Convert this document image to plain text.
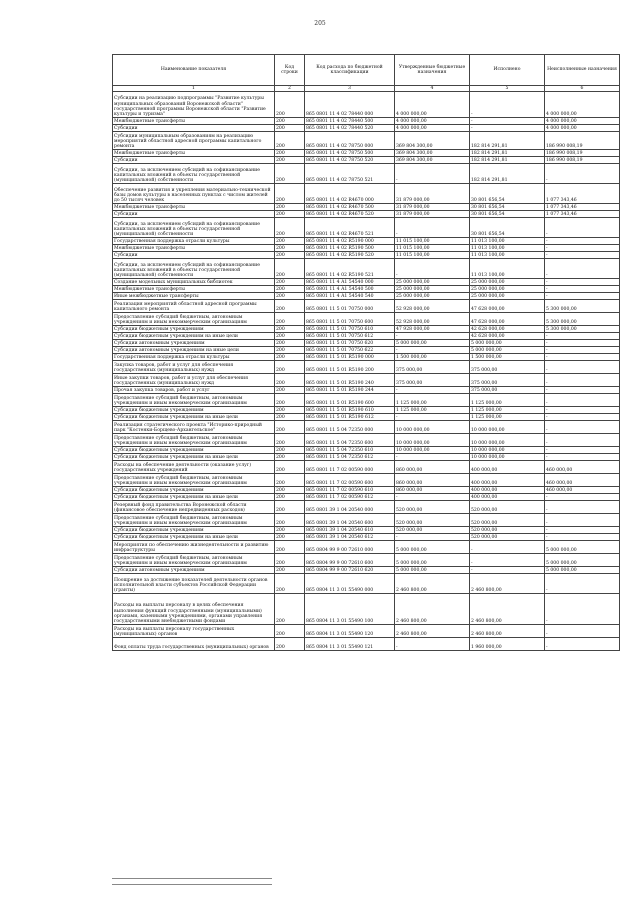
205
Наименование показателя	Код строки	Код расхода по бюджетной классификации	Утвержденные бюджетные назначения	Исполнено	Неисполненные назначения
1	2	3	4	5	6
Субсидии на реализацию подпрограммы "Развитие культуры муниципальных образований Воронежской области" государственной программы Воронежской области "Развитие культуры и туризма"	200	865 0801 11 4 02 78440 000	4 000 000,00	-	4 000 000,00
Межбюджетные трансферты	200	865 0801 11 4 02 78440 500	4 000 000,00	-	4 000 000,00
Субсидии	200	865 0801 11 4 02 78440 520	4 000 000,00	-	4 000 000,00
Субсидии муниципальным образованиям на реализацию мероприятий областной адресной программы капитального ремонта	200	865 0801 11 4 02 78750 000	369 804 300,00	182 814 291,81	186 990 008,19
Межбюджетные трансферты	200	865 0801 11 4 02 78750 500	369 804 300,00	182 814 291,81	186 990 008,19
Субсидии	200	865 0801 11 4 02 78750 520	369 804 300,00	182 814 291,81	186 990 008,19
Субсидии, за исключением субсидий на софинансирование капитальных вложений в объекты государственной (муниципальной) собственности	200	865 0801 11 4 02 78750 521	-	182 814 291,81	-
Обеспечение развития и укрепления материально-технической базы домов культуры в населенных пунктах с числом жителей до 50 тысяч человек	200	865 0801 11 4 02 R4670 000	31 879 000,00	30 801 656,54	1 077 343,46
Межбюджетные трансферты	200	865 0801 11 4 02 R4670 500	31 879 000,00	30 801 656,54	1 077 343,46
Субсидии	200	865 0801 11 4 02 R4670 520	31 879 000,00	30 801 656,54	1 077 343,46
Субсидии, за исключением субсидий на софинансирование капитальных вложений в объекты государственной (муниципальной) собственности	200	865 0801 11 4 02 R4670 521	-	30 801 656,54	-
Государственная поддержка отрасли культуры	200	865 0801 11 4 02 R5190 000	11 015 100,00	11 013 100,00	-
Межбюджетные трансферты	200	865 0801 11 4 02 R5190 500	11 015 100,00	11 013 100,00	-
Субсидии	200	865 0801 11 4 02 R5190 520	11 015 100,00	11 013 100,00	-
Субсидии, за исключением субсидий на софинансирование капитальных вложений в объекты государственной (муниципальной) собственности	200	865 0801 11 4 02 R5190 521	-	11 013 100,00	-
Создание модельных муниципальных библиотек	200	865 0801 11 4 A1 54540 000	25 000 000,00	25 000 000,00	-
Межбюджетные трансферты	200	865 0801 11 4 A1 54540 500	25 000 000,00	25 000 000,00	-
Иные межбюджетные трансферты	200	865 0801 11 4 A1 54540 540	25 000 000,00	25 000 000,00	-
Реализация мероприятий областной адресной программы капитального ремонта	200	865 0801 11 5 01 70750 000	52 928 000,00	47 628 000,00	5 300 000,00
Предоставление субсидий бюджетным, автономным учреждениям и иным некоммерческим организациям	200	865 0801 11 5 01 70750 600	52 928 000,00	47 628 000,00	5 300 000,00
Субсидии бюджетным учреждениям	200	865 0801 11 5 01 70750 610	47 928 000,00	42 628 000,00	5 300 000,00
Субсидии бюджетным учреждениям на иные цели	200	865 0801 11 5 01 70750 612	-	42 628 000,00	-
Субсидии автономным учреждениям	200	865 0801 11 5 01 70750 620	5 000 000,00	5 000 000,00	-
Субсидии автономным учреждениям на иные цели	200	865 0801 11 5 01 70750 622	-	5 000 000,00	-
Государственная поддержка отрасли культуры	200	865 0801 11 5 01 R5190 000	1 500 000,00	1 500 000,00	-
Закупка товаров, работ и услуг для обеспечения государственных (муниципальных) нужд	200	865 0801 11 5 01 R5190 200	375 000,00	375 000,00	-
Иные закупки товаров, работ и услуг для обеспечения государственных (муниципальных) нужд	200	865 0801 11 5 01 R5190 240	375 000,00	375 000,00	-
Прочая закупка товаров, работ и услуг	200	865 0801 11 5 01 R5190 244	-	375 000,00	-
Предоставление субсидий бюджетным, автономным учреждениям и иным некоммерческим организациям	200	865 0801 11 5 01 R5190 600	1 125 000,00	1 125 000,00	-
Субсидии бюджетным учреждениям	200	865 0801 11 5 01 R5190 610	1 125 000,00	1 125 000,00	-
Субсидии бюджетным учреждениям на иные цели	200	865 0801 11 5 01 R5190 612	-	1 125 000,00	-
Реализация стратегического проекта "Историко-природный парк "Костенки-Борщево-Архангельское"	200	865 0801 11 5 04 72350 000	10 000 000,00	10 000 000,00	-
Предоставление субсидий бюджетным, автономным учреждениям и иным некоммерческим организациям	200	865 0801 11 5 04 72350 600	10 000 000,00	10 000 000,00	-
Субсидии бюджетным учреждениям	200	865 0801 11 5 04 72350 610	10 000 000,00	10 000 000,00	-
Субсидии бюджетным учреждениям на иные цели	200	865 0801 11 5 04 72350 612	-	10 000 000,00	-
Расходы на обеспечение деятельности (оказание услуг) государственных учреждений	200	865 0801 11 7 02 00590 000	860 000,00	400 000,00	460 000,00
Предоставление субсидий бюджетным, автономным учреждениям и иным некоммерческим организациям	200	865 0801 11 7 02 00590 600	860 000,00	400 000,00	460 000,00
Субсидии бюджетным учреждениям	200	865 0801 11 7 02 00590 610	860 000,00	400 000,00	460 000,00
Субсидии бюджетным учреждениям на иные цели	200	865 0801 11 7 02 00590 612	-	400 000,00	-
Резервный фонд правительства Воронежской области (финансовое обеспечение непредвиденных расходов)	200	865 0801 39 1 04 20540 000	520 000,00	520 000,00	-
Предоставление субсидий бюджетным, автономным учреждениям и иным некоммерческим организациям	200	865 0801 39 1 04 20540 600	520 000,00	520 000,00	-
Субсидии бюджетным учреждениям	200	865 0801 39 1 04 20540 610	520 000,00	520 000,00	-
Субсидии бюджетным учреждениям на иные цели	200	865 0801 39 1 04 20540 612	-	520 000,00	-
Мероприятия по обеспечению жизнедеятельности и развитию инфраструктуры	200	865 0804 99 9 00 72610 000	5 000 000,00	-	5 000 000,00
Предоставление субсидий бюджетным, автономным учреждениям и иным некоммерческим организациям	200	865 0804 99 9 00 72610 600	5 000 000,00	-	5 000 000,00
Субсидии автономным учреждениям	200	865 0804 99 9 00 72610 620	5 000 000,00	-	5 000 000,00
Поощрение за достижение показателей деятельности органов исполнительной власти субъектов Российской Федерации (гранты)	200	865 0804 11 3 01 55490 000	2 460 800,00	2 460 800,00	-
Расходы на выплаты персоналу в целях обеспечения выполнения функций государственными (муниципальными) органами, казенными учреждениями, органами управления государственными внебюджетными фондами	200	865 0804 11 3 01 55490 100	2 460 800,00	2 460 800,00	-
Расходы на выплаты персоналу государственных (муниципальных) органов	200	865 0804 11 3 01 55490 120	2 460 800,00	2 460 800,00	-
Фонд оплаты труда государственных (муниципальных) органов	200	865 0804 11 3 01 55490 121	-	1 960 000,00	-
